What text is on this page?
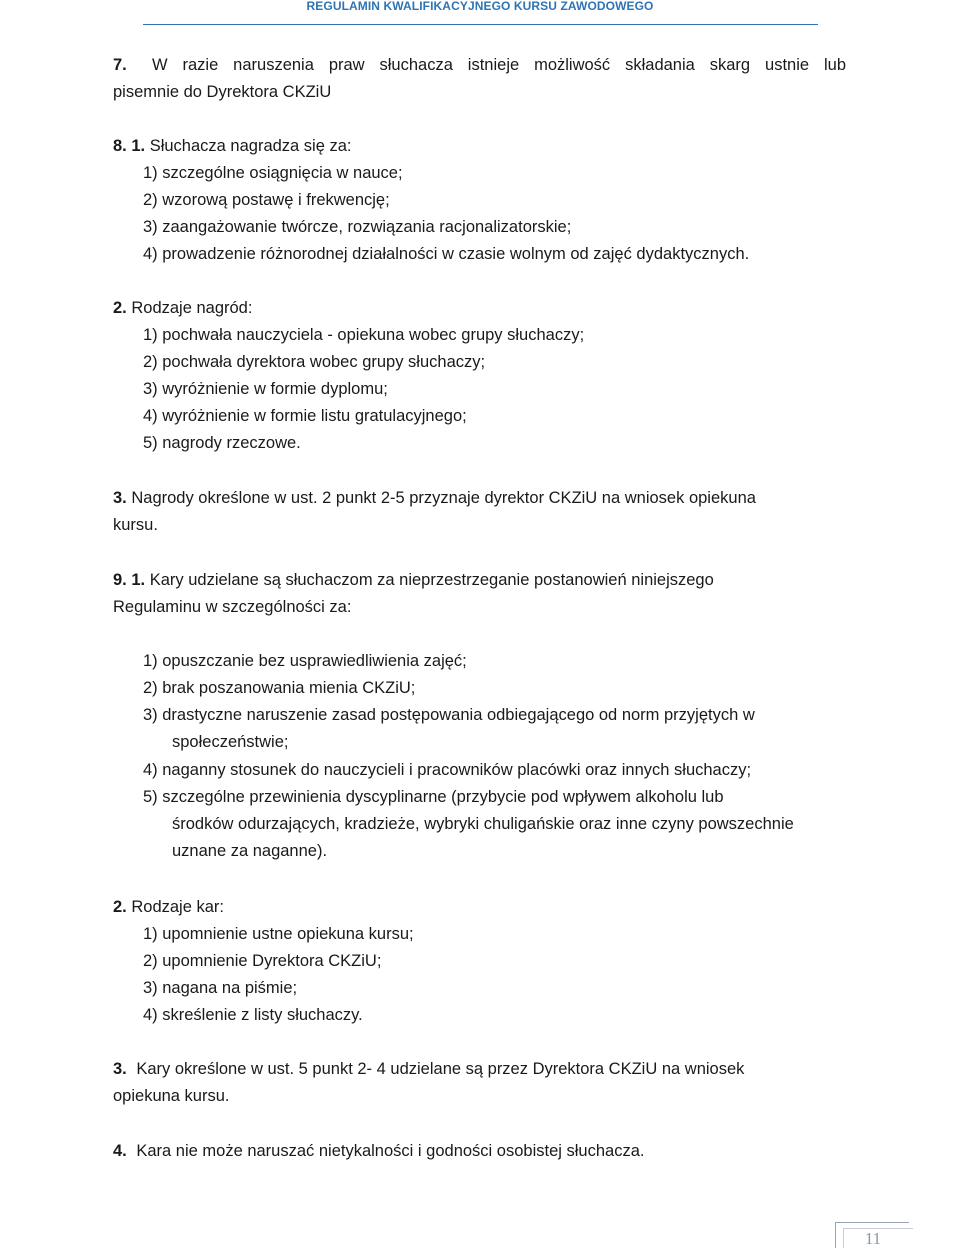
REGULAMIN KWALIFIKACYJNEGO KURSU ZAWODOWEGO
7. W razie naruszenia praw słuchacza istnieje możliwość składania skarg ustnie lub
pisemnie do Dyrektora CKZiU
8. 1. Słuchacza nagradza się za:
1) szczególne osiągnięcia w nauce;
2) wzorową postawę i frekwencję;
3) zaangażowanie twórcze, rozwiązania racjonalizatorskie;
4) prowadzenie różnorodnej działalności w czasie wolnym od zajęć dydaktycznych.
2. Rodzaje nagród:
1) pochwała nauczyciela - opiekuna wobec grupy słuchaczy;
2) pochwała dyrektora wobec grupy słuchaczy;
3) wyróżnienie w formie dyplomu;
4) wyróżnienie w formie listu gratulacyjnego;
5) nagrody rzeczowe.
3. Nagrody określone w ust. 2 punkt 2-5 przyznaje dyrektor CKZiU na wniosek opiekuna
kursu.
9. 1. Kary udzielane są słuchaczom za nieprzestrzeganie postanowień niniejszego
Regulaminu w szczególności za:
1) opuszczanie bez usprawiedliwienia zajęć;
2) brak poszanowania mienia CKZiU;
3) drastyczne naruszenie zasad postępowania odbiegającego od norm przyjętych w
społeczeństwie;
4) naganny stosunek do nauczycieli i pracowników placówki oraz innych słuchaczy;
5) szczególne przewinienia dyscyplinarne (przybycie pod wpływem alkoholu lub
środków odurzających, kradzieże, wybryki chuligańskie oraz inne czyny powszechnie
uznane za naganne).
2. Rodzaje kar:
1) upomnienie ustne opiekuna kursu;
2) upomnienie Dyrektora CKZiU;
3) nagana na piśmie;
4) skreślenie z listy słuchaczy.
3. Kary określone w ust. 5 punkt 2- 4 udzielane są przez Dyrektora CKZiU na wniosek
opiekuna kursu.
4. Kara nie może naruszać nietykalności i godności osobistej słuchacza.
11
